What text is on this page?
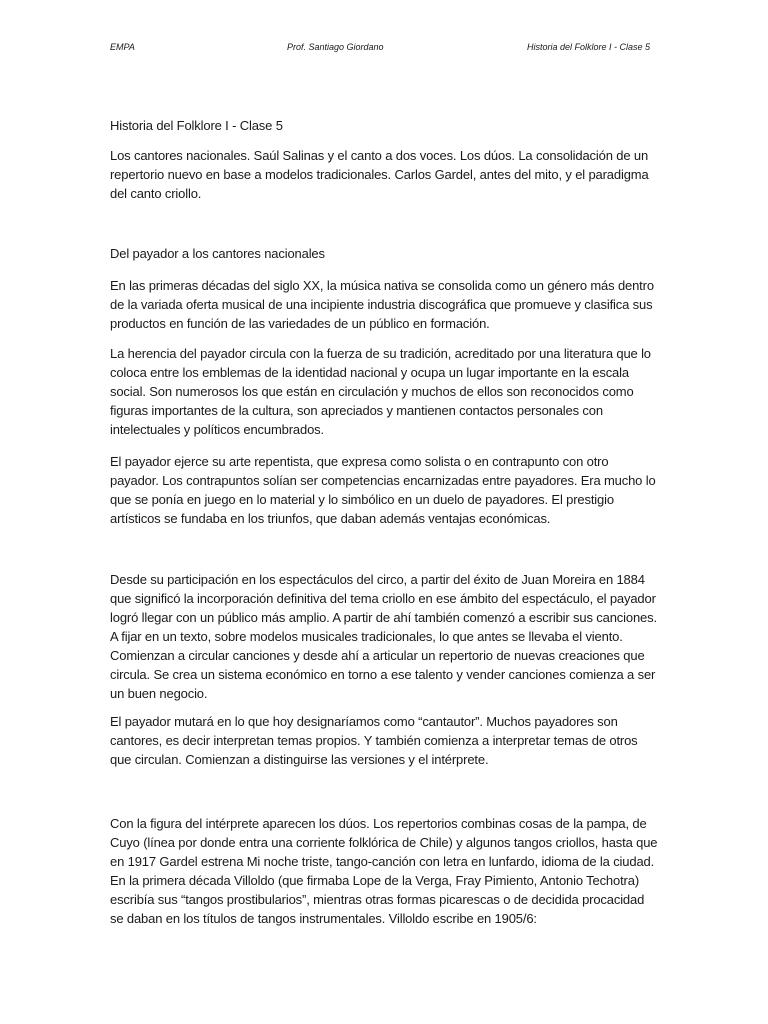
EMPA	Prof. Santiago Giordano	Historia del Folklore I - Clase 5

Historia del Folklore I - Clase 5

Los cantores nacionales. Saúl Salinas y el canto a dos voces. Los dúos. La consolidación de un repertorio nuevo en base a modelos tradicionales. Carlos Gardel, antes del mito, y el paradigma del canto criollo.

Del payador a los cantores nacionales

En las primeras décadas del siglo XX, la música nativa se consolida como un género más dentro de la variada oferta musical de una incipiente industria discográfica que promueve y clasifica sus productos en función de las variedades de un público en formación.

La herencia del payador circula con la fuerza de su tradición, acreditado por una literatura que lo coloca entre los emblemas de la identidad nacional y ocupa un lugar importante en la escala social. Son numerosos los que están en circulación y muchos de ellos son reconocidos como figuras importantes de la cultura, son apreciados y mantienen contactos personales con intelectuales y políticos encumbrados.

El payador ejerce su arte repentista, que expresa como solista o en contrapunto con otro payador. Los contrapuntos solían ser competencias encarnizadas entre payadores. Era mucho lo que se ponía en juego en lo material y lo simbólico en un duelo de payadores. El prestigio artísticos se fundaba en los triunfos, que daban además ventajas económicas.

Desde su participación en los espectáculos del circo, a partir del éxito de Juan Moreira en 1884 que significó la incorporación definitiva del tema criollo en ese ámbito del espectáculo, el payador logró llegar con un público más amplio. A partir de ahí también comenzó a escribir sus canciones. A fijar en un texto, sobre modelos musicales tradicionales, lo que antes se llevaba el viento. Comienzan a circular canciones y desde ahí a articular un repertorio de nuevas creaciones que circula. Se crea un sistema económico en torno a ese talento y vender canciones comienza a ser un buen negocio.

El payador mutará en lo que hoy designaríamos como “cantautor”. Muchos payadores son cantores, es decir interpretan temas propios. Y también comienza a interpretar temas de otros que circulan. Comienzan a distinguirse las versiones y el intérprete.

Con la figura del intérprete aparecen los dúos. Los repertorios combinas cosas de la pampa, de Cuyo (línea por donde entra una corriente folklórica de Chile) y algunos tangos criollos, hasta que en 1917 Gardel estrena Mi noche triste, tango-canción con letra en lunfardo, idioma de la ciudad. En la primera década Villoldo (que firmaba Lope de la Verga, Fray Pimiento, Antonio Techotra) escribía sus “tangos prostibularios”, mientras otras formas picarescas o de decidida procacidad se daban en los títulos de tangos instrumentales. Villoldo escribe en 1905/6:
